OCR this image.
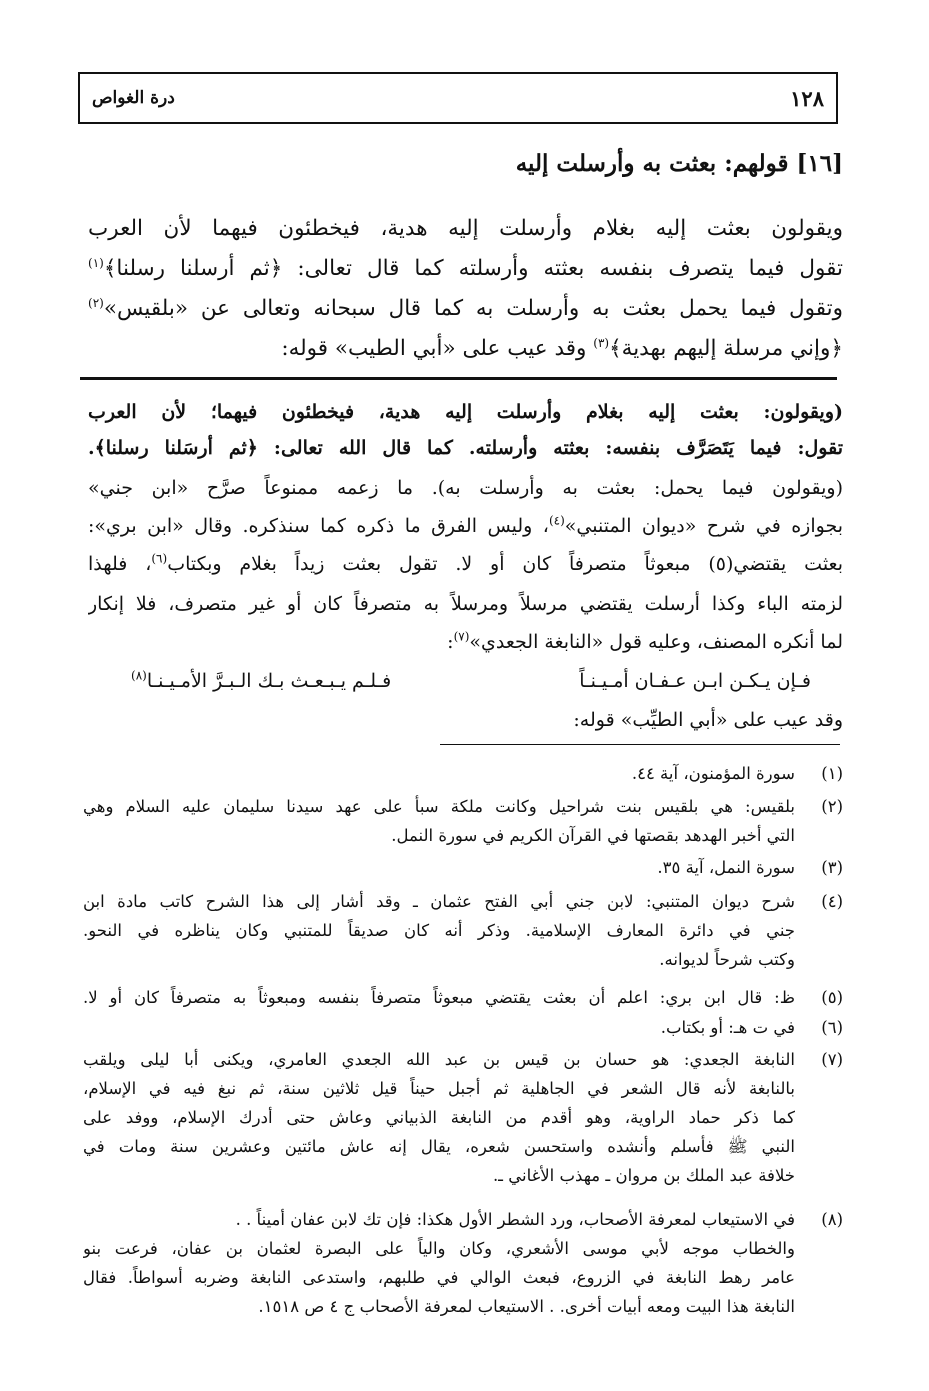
١٢٨
درة الغواص
[١٦] قولهم: بعثت به وأرسلت إليه
ويقولون بعثت إليه بغلام وأرسلت إليه هدية، فيخطئون فيهما لأن العرب
تقول فيما يتصرف بنفسه بعثته وأرسلته كما قال تعالى: ﴿ثم أرسلنا رسلنا﴾$^{(١)}$
وتقول فيما يحمل بعثت به وأرسلت به كما قال سبحانه وتعالى عن «بلقيس»$^{(٢)}$
﴿وإني مرسلة إليهم بهدية﴾$^{(٣)}$ وقد عيب على «أبي الطيب» قوله:
(ويقولون: بعثت إليه بغلام وأرسلت إليه هدية، فيخطئون فيهما؛ لأن العرب
تقول: فيما يَتَصَرَّف بنفسه: بعثته وأرسلته. كما قال الله تعالى: ﴿ثم أرسَلنا رسلنا﴾.
(ويقولون فيما يحمل: بعثت به وأرسلت به). ما زعمه ممنوعاً صرَّح «ابن جني»
بجوازه في شرح «ديوان المتنبي»$^{(٤)}$، وليس الفرق ما ذكره كما سنذكره. وقال «ابن بري»:
بعثت يقتضي(٥) مبعوثاً متصرفاً كان أو لا. تقول بعثت زيداً بغلام وبكتاب$^{(٦)}$، فلهذا
لزمته الباء وكذا أرسلت يقتضي مرسلاً ومرسلاً به متصرفاً كان أو غير متصرف، فلا إنكار
لما أنكره المصنف، وعليه قول «النابغة الجعدي»$^{(٧)}$:
فـإن يـكـن ابـن عـفـان أمـيـنـاً
فـلـم يـبـعـث بـك الـبـرَّ الأمـيـنـا$^{(٨)}$
وقد عيب على «أبي الطيِّب» قوله:
(١)
سورة المؤمنون، آية ٤٤.
(٢)
بلقيس: هي بلقيس بنت شراحيل وكانت ملكة سبأ على عهد سيدنا سليمان عليه السلام وهي
التي أخبر الهدهد بقصتها في القرآن الكريم في سورة النمل.
(٣)
سورة النمل، آية ٣٥.
(٤)
شرح ديوان المتنبي: لابن جني أبي الفتح عثمان ـ وقد أشار إلى هذا الشرح كاتب مادة ابن
جني في دائرة المعارف الإسلامية. وذكر أنه كان صديقاً للمتنبي وكان يناظره في النحو.
وكتب شرحاً لديوانه.
(٥)
ظ: قال ابن بري: اعلم أن بعثت يقتضي مبعوثاً متصرفاً بنفسه ومبعوثاً به متصرفاً كان أو لا.
(٦)
في ت هـ: أو بكتاب.
(٧)
النابغة الجعدي: هو حسان بن قيس بن عبد الله الجعدي العامري، ويكنى أبا ليلى ويلقب
بالنابغة لأنه قال الشعر في الجاهلية ثم أجبل حيناً قيل ثلاثين سنة، ثم نبغ فيه في الإسلام،
كما ذكر حماد الراوية، وهو أقدم من النابغة الذبياني وعاش حتى أدرك الإسلام، ووفد على
النبي ﷺ فأسلم وأنشده واستحسن شعره، يقال إنه عاش مائتين وعشرين سنة ومات في
خلافة عبد الملك بن مروان ـ مهذب الأغاني ـ.
(٨)
في الاستيعاب لمعرفة الأصحاب، ورد الشطر الأول هكذا: فإن تك لابن عفان أميناً . .
والخطاب موجه لأبي موسى الأشعري، وكان والياً على البصرة لعثمان بن عفان، فرعت بنو
عامر رهط النابغة في الزروع، فبعث الوالي في طلبهم، واستدعى النابغة وضربه أسواطاً. فقال
النابغة هذا البيت ومعه أبيات أخرى. . الاستيعاب لمعرفة الأصحاب ج ٤ ص ١٥١٨.
